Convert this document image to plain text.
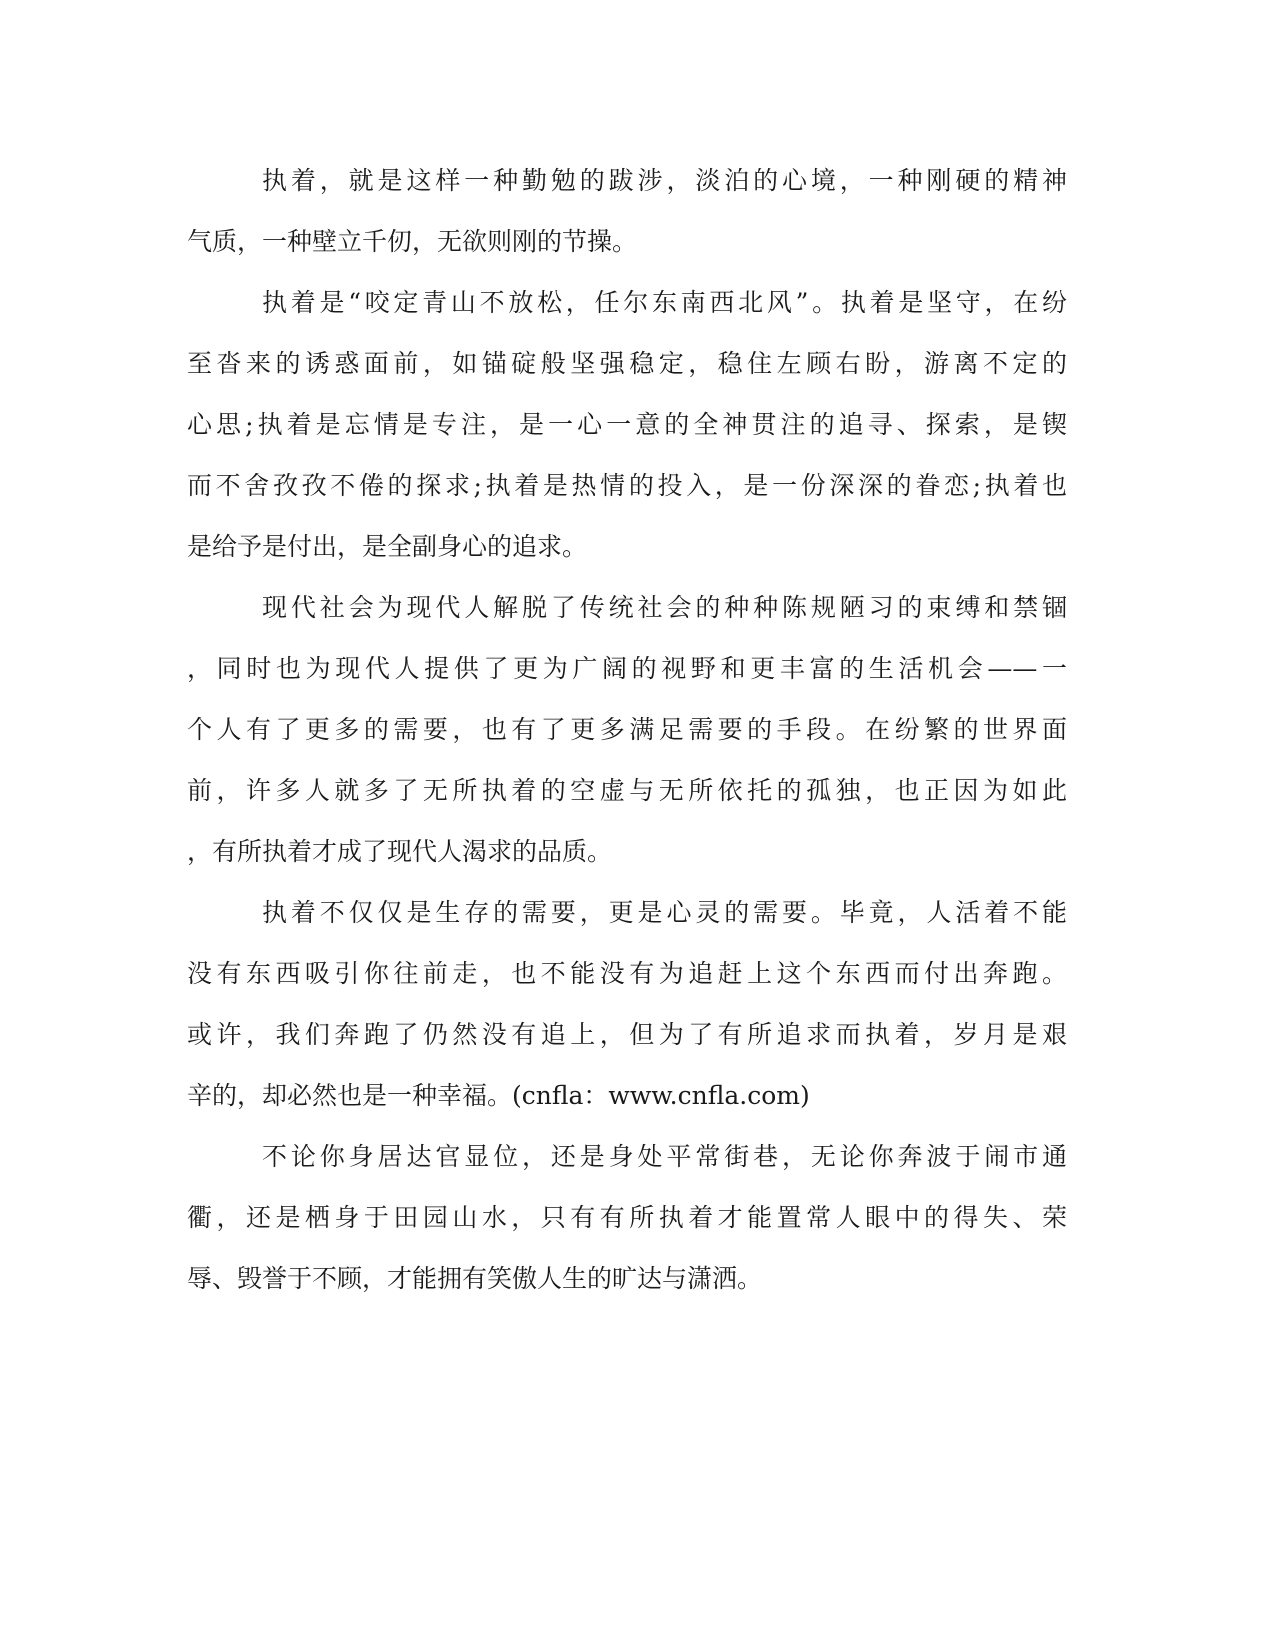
执着，就是这样一种勤勉的跋涉，淡泊的心境，一种刚硬的精神
气质，一种壁立千仞，无欲则刚的节操。
执着是“咬定青山不放松，任尔东南西北风”。执着是坚守，在纷
至沓来的诱惑面前，如锚碇般坚强稳定，稳住左顾右盼，游离不定的
心思;执着是忘情是专注，是一心一意的全神贯注的追寻、探索，是锲
而不舍孜孜不倦的探求;执着是热情的投入，是一份深深的眷恋;执着也
是给予是付出，是全副身心的追求。
现代社会为现代人解脱了传统社会的种种陈规陋习的束缚和禁锢
，同时也为现代人提供了更为广阔的视野和更丰富的生活机会——一
个人有了更多的需要，也有了更多满足需要的手段。在纷繁的世界面
前，许多人就多了无所执着的空虚与无所依托的孤独，也正因为如此
，有所执着才成了现代人渴求的品质。
执着不仅仅是生存的需要，更是心灵的需要。毕竟，人活着不能
没有东西吸引你往前走，也不能没有为追赶上这个东西而付出奔跑。
或许，我们奔跑了仍然没有追上，但为了有所追求而执着，岁月是艰
辛的，却必然也是一种幸福。(cnfla：www.cnfla.com)
不论你身居达官显位，还是身处平常街巷，无论你奔波于闹市通
衢，还是栖身于田园山水，只有有所执着才能置常人眼中的得失、荣
辱、毁誉于不顾，才能拥有笑傲人生的旷达与潇洒。
